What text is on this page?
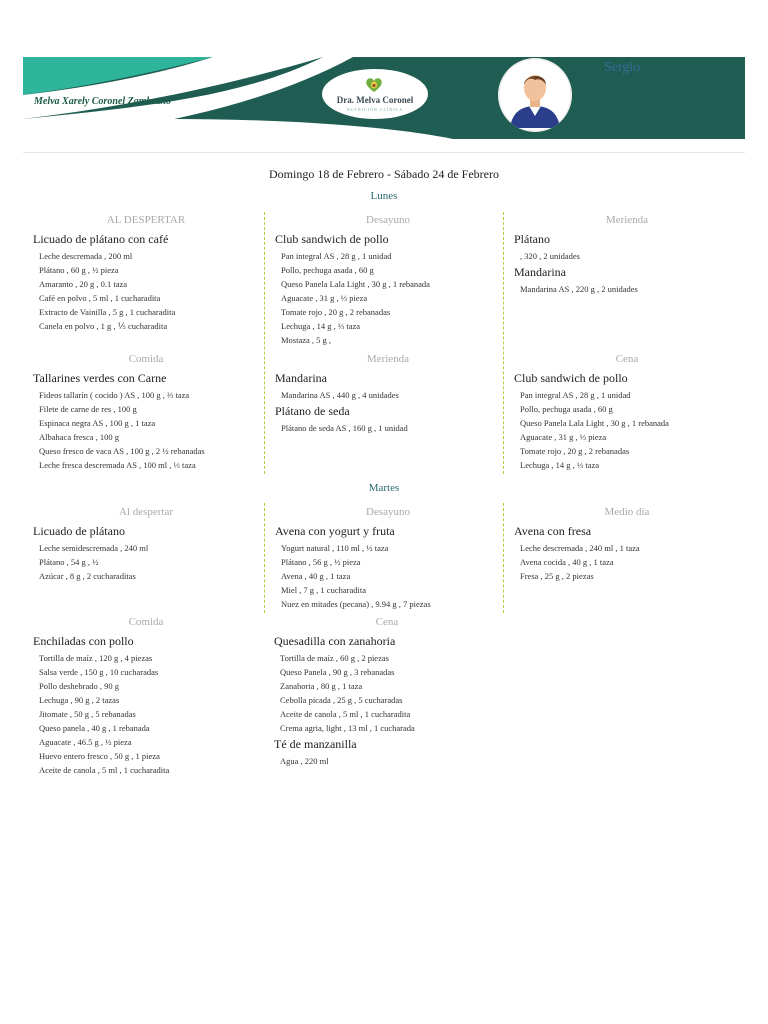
Melva Xarely Coronel Zambrano	Dra. Melva Coronel
NUTRICIÓN CLÍNICA
Sergio
Domingo 18 de Febrero - Sábado 24 de Febrero
Lunes
AL DESPERTAR
Licuado de plátano con café
Leche descremada , 200 ml
Plátano , 60 g , ½ pieza
Amaranto , 20 g , 0.1 taza
Café en polvo , 5 ml , 1 cucharadita
Extracto de Vainilla , 5 g , 1 cucharadita
Canela en polvo , 1 g , ⅕ cucharadita
Desayuno
Club sandwich de pollo
Pan integral AS , 28 g , 1 unidad
Pollo, pechuga asada , 60 g
Queso Panela Lala Light , 30 g , 1 rebanada
Aguacate , 31 g , ⅓ pieza
Tomate rojo , 20 g , 2 rebanadas
Lechuga , 14 g , ⅓ taza
Mostaza , 5 g ,
Merienda
Plátano
, 320 , 2 unidades
Mandarina
Mandarina AS , 220 g , 2 unidades
Comida
Tallarines verdes con Carne
Fideos tallarín ( cocido ) AS , 100 g , ⅔ taza
Filete de carne de res , 100 g
Espinaca negra AS , 100 g , 1 taza
Albahaca fresca , 100 g
Queso fresco de vaca AS , 100 g , 2 ½ rebanadas
Leche fresca descremada AS , 100 ml , ⅓ taza
Merienda
Mandarina
Mandarina AS , 440 g , 4 unidades
Plátano de seda
Plátano de seda AS , 160 g , 1 unidad
Cena
Club sandwich de pollo
Pan integral AS , 28 g , 1 unidad
Pollo, pechuga asada , 60 g
Queso Panela Lala Light , 30 g , 1 rebanada
Aguacate , 31 g , ⅓ pieza
Tomate rojo , 20 g , 2 rebanadas
Lechuga , 14 g , ⅓ taza
Martes
Al despertar
Licuado de plátano
Leche semidescremada , 240 ml
Plátano , 54 g , ½
Azúcar , 8 g , 2 cucharaditas
Desayuno
Avena con yogurt y fruta
Yogurt natural , 110 ml , ½ taza
Plátano , 56 g , ½ pieza
Avena , 40 g , 1 taza
Miel , 7 g , 1 cucharadita
Nuez en mitades (pecana) , 9.94 g , 7 piezas
Medio día
Avena con fresa
Leche descremada , 240 ml , 1 taza
Avena cocida , 40 g , 1 taza
Fresa , 25 g , 2 piezas
Comida
Enchiladas con pollo
Tortilla de maíz , 120 g , 4 piezas
Salsa verde , 150 g , 10 cucharadas
Pollo deshebrado , 90 g
Lechuga , 90 g , 2 tazas
Jitomate , 50 g , 5 rebanadas
Queso panela , 40 g , 1 rebanada
Aguacate , 46.5 g , ½ pieza
Huevo entero fresco , 50 g , 1 pieza
Aceite de canola , 5 ml , 1 cucharadita
Cena
Quesadilla con zanahoria
Tortilla de maíz , 60 g , 2 piezas
Queso Panela , 90 g , 3 rebanadas
Zanahoria , 80 g , 1 taza
Cebolla picada , 25 g , 5 cucharadas
Aceite de canola , 5 ml , 1 cucharadita
Crema agria, light , 13 ml , 1 cucharada
Té de manzanilla
Agua , 220 ml
